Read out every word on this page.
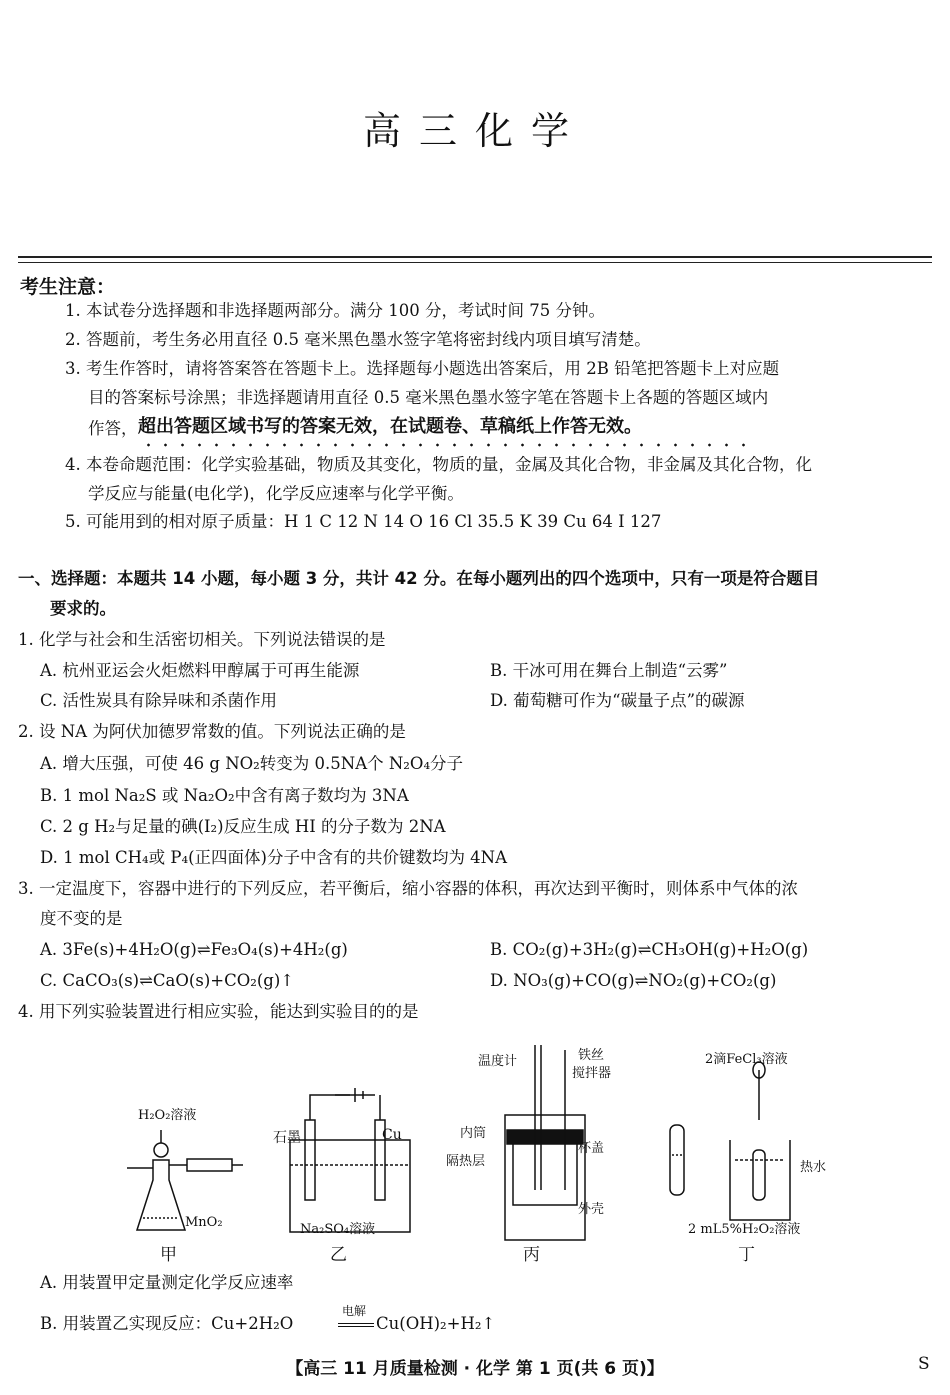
高三化学
考生注意：
1. 本试卷分选择题和非选择题两部分。满分 100 分，考试时间 75 分钟。
2. 答题前，考生务必用直径 0.5 毫米黑色墨水签字笔将密封线内项目填写清楚。
3. 考生作答时，请将答案答在答题卡上。选择题每小题选出答案后，用 2B 铅笔把答题卡上对应题
目的答案标号涂黑；非选择题请用直径 0.5 毫米黑色墨水签字笔在答题卡上各题的答题区域内
作答， 超出答题区域书写的答案无效，在试题卷、草稿纸上作答无效。
4. 本卷命题范围：化学实验基础，物质及其变化，物质的量，金属及其化合物，非金属及其化合物，化
学反应与能量(电化学)，化学反应速率与化学平衡。
5. 可能用到的相对原子质量：H 1 C 12 N 14 O 16 Cl 35.5 K 39 Cu 64 I 127
一、选择题：本题共 14 小题，每小题 3 分，共计 42 分。在每小题列出的四个选项中，只有一项是符合题目
要求的。
1. 化学与社会和生活密切相关。下列说法错误的是
A. 杭州亚运会火炬燃料甲醇属于可再生能源	B. 干冰可用在舞台上制造“云雾”
C. 活性炭具有除异味和杀菌作用	D. 葡萄糖可作为“碳量子点”的碳源
2. 设 NA 为阿伏加德罗常数的值。下列说法正确的是
A. 增大压强，可使 46 g NO₂转变为 0.5NA个 N₂O₄分子
B. 1 mol Na₂S 或 Na₂O₂中含有离子数均为 3NA
C. 2 g H₂与足量的碘(I₂)反应生成 HI 的分子数为 2NA
D. 1 mol CH₄或 P₄(正四面体)分子中含有的共价键数均为 4NA
3. 一定温度下，容器中进行的下列反应，若平衡后，缩小容器的体积，再次达到平衡时，则体系中气体的浓
度不变的是
A. 3Fe(s)+4H₂O(g)⇌Fe₃O₄(s)+4H₂(g)	B. CO₂(g)+3H₂(g)⇌CH₃OH(g)+H₂O(g)
C. CaCO₃(s)⇌CaO(s)+CO₂(g)↑	D. NO₃(g)+CO(g)⇌NO₂(g)+CO₂(g)
4. 用下列实验装置进行相应实验，能达到实验目的的是
H₂O₂溶液
MnO₂
甲
石墨	Cu
Na₂SO₄溶液
乙
温度计	铁丝
搅拌器
内筒
杯盖
隔热层
外壳
丙
2滴FeCl₃溶液
热水
2 mL5%H₂O₂溶液
丁
A. 用装置甲定量测定化学反应速率
B. 用装置乙实现反应：Cu+2H₂O
电解
Cu(OH)₂+H₂↑
【高三 11 月质量检测 · 化学 第 1 页(共 6 页)】	S
